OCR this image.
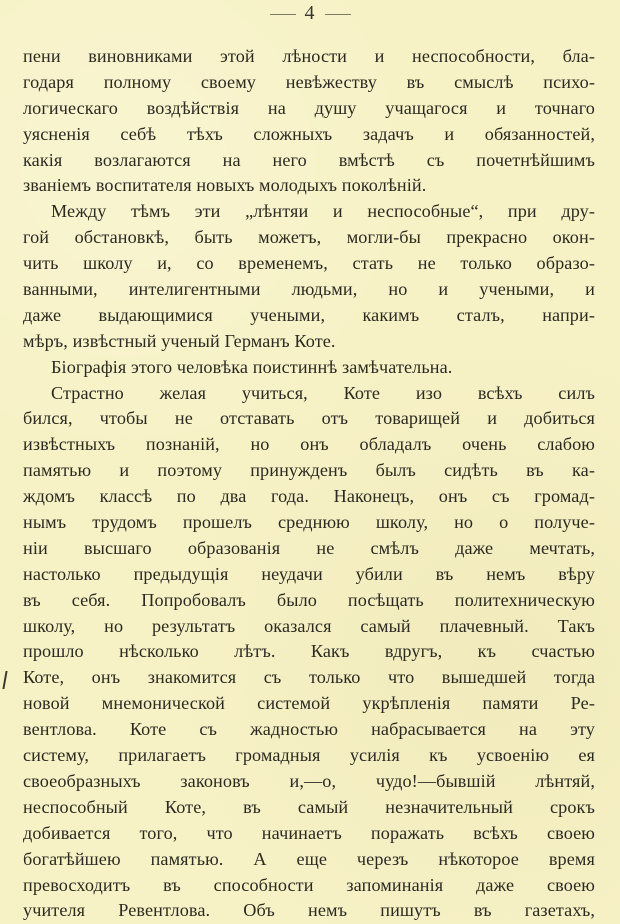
4
пени виновниками этой лѣности и неспособности, бла-
годаря полному своему невѣжеству въ смыслѣ психо-
логическаго воздѣйствія на душу учащагося и точнаго
уясненія себѣ тѣхъ сложныхъ задачъ и обязанностей,
какія возлагаются на него вмѣстѣ съ почетнѣйшимъ
званіемъ воспитателя новыхъ молодыхъ поколѣній.
Между тѣмъ эти „лѣнтяи и неспособные“, при дру-
гой обстановкѣ, быть можетъ, могли-бы прекрасно окон-
чить школу и, со временемъ, стать не только образо-
ванными, интелигентными людьми, но и учеными, и
даже выдающимися учеными, какимъ сталъ, напри-
мѣръ, извѣстный ученый Германъ Коте.
Біографія этого человѣка поистиннѣ замѣчательна.
Страстно желая учиться, Коте изо всѣхъ силъ
бился, чтобы не отставать отъ товарищей и добиться
извѣстныхъ познаній, но онъ обладалъ очень слабою
памятью и поэтому принужденъ былъ сидѣть въ ка-
ждомъ классѣ по два года. Наконецъ, онъ съ громад-
нымъ трудомъ прошелъ среднюю школу, но о получе-
ніи высшаго образованія не смѣлъ даже мечтать,
настолько предыдущія неудачи убили въ немъ вѣру
въ себя. Попробовалъ было посѣщать политехническую
школу, но результатъ оказался самый плачевный. Такъ
прошло нѣсколько лѣтъ. Какъ вдругъ, къ счастью
Коте, онъ знакомится съ только что вышедшей тогда
новой мнемонической системой укрѣпленія памяти Ре-
вентлова. Коте съ жадностью набрасывается на эту
систему, прилагаетъ громадныя усилія къ усвоенію ея
своеобразныхъ законовъ и,—о, чудо!—бывшій лѣнтяй,
неспособный Коте, въ самый незначительный срокъ
добивается того, что начинаетъ поражать всѣхъ своею
богатѣйшею памятью. А еще черезъ нѣкоторое время
превосходитъ въ способности запоминанія даже своею
учителя Ревентлова. Объ немъ пишутъ въ газетахъ,
